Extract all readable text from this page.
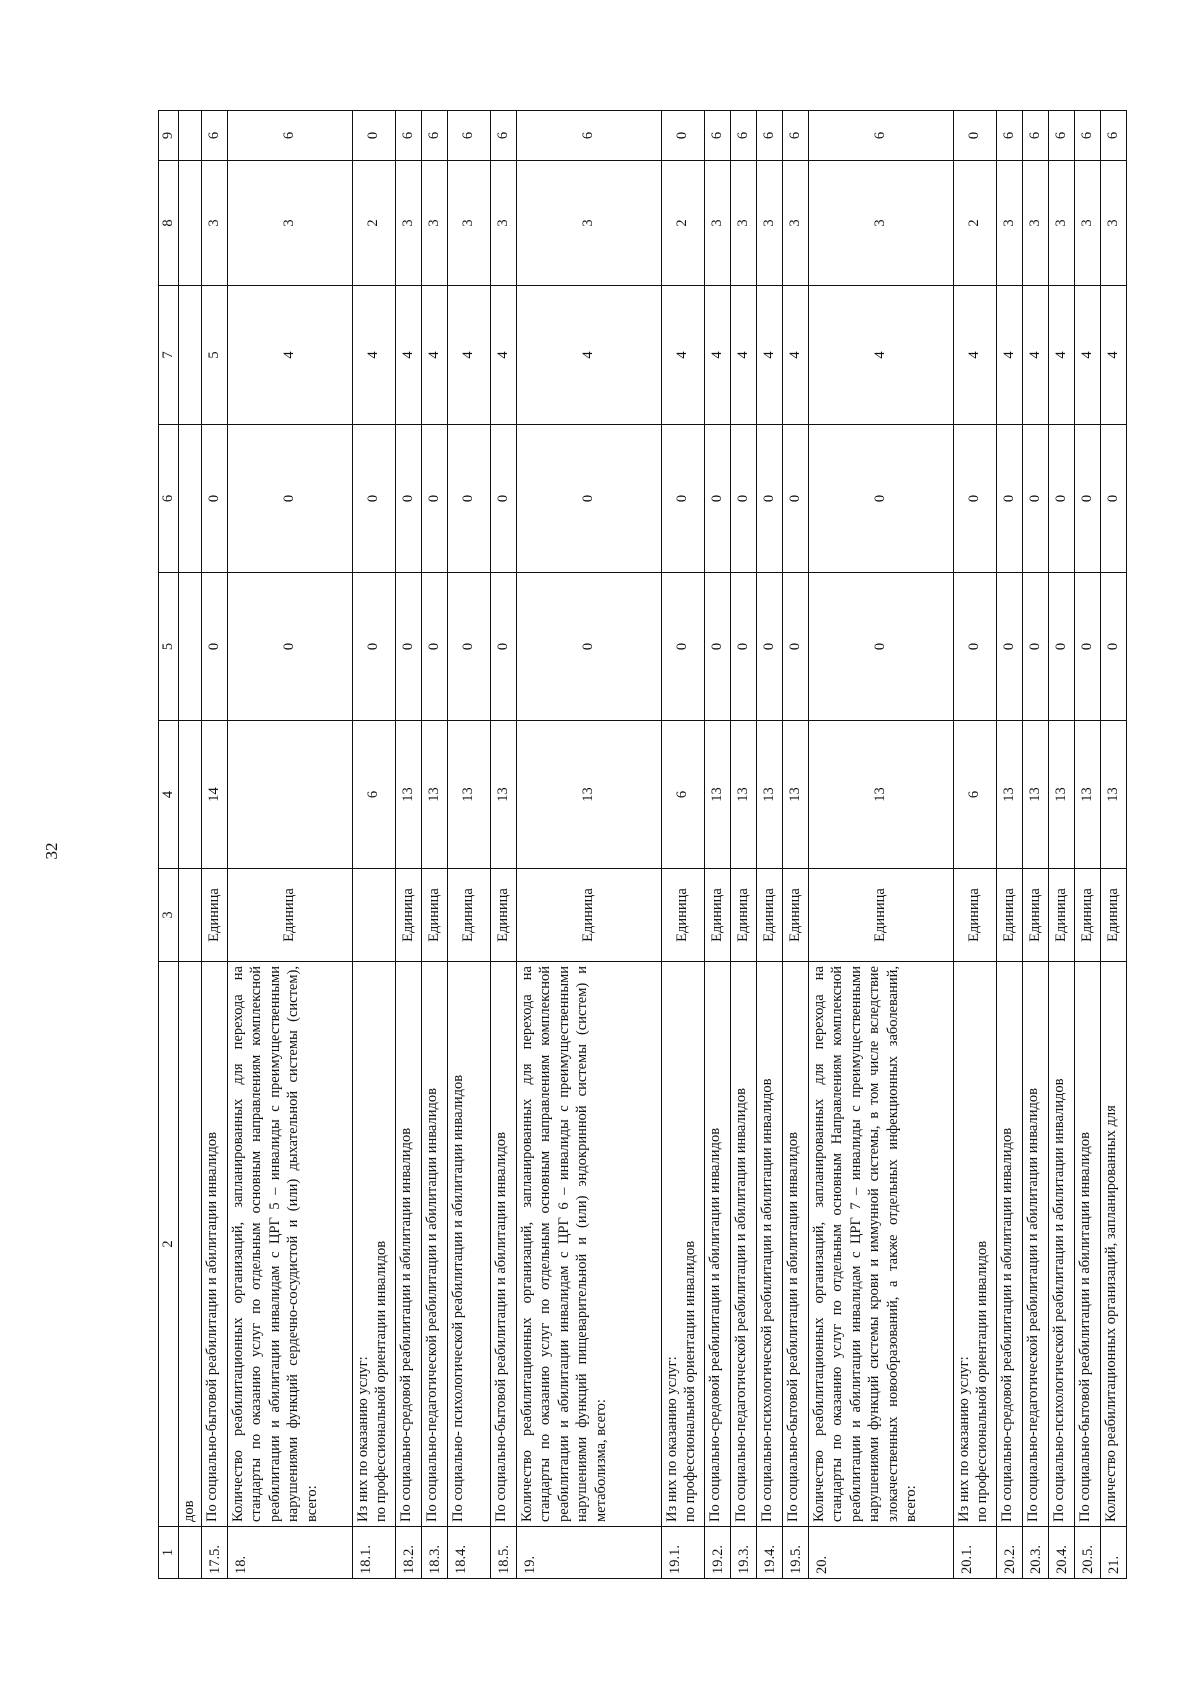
32
1	2	3	4	5	6	7	8	9
	дов							
17.5.	По социально-бытовой реабилитации и абилитации инвалидов	Единица	14	0	0	5	3	6
18.	Количество реабилитационных организаций, запланированных для перехода на стандарты по оказанию услуг по отдельным основным направлениям комплексной реабилитации и абилитации инвалидам с ЦРГ 5 – инвалиды с преимущественными нарушениями функций сердечно-сосудистой и (или) дыхательной системы (систем), всего:	Единица		0	0	4	3	6
18.1.	Из них по оказанию услуг: по профессиональной ориентации инвалидов		6	0	0	4	2	0
18.2.	По социально-средовой реабилитации и абилитации инвалидов	Единица	13	0	0	4	3	6
18.3.	По социально-педагогической реабилитации и абилитации инвалидов	Единица	13	0	0	4	3	6
18.4.	По социально- психологической реабилитации и абилитации инвалидов	Единица	13	0	0	4	3	6
18.5.	По социально-бытовой реабилитации и абилитации инвалидов	Единица	13	0	0	4	3	6
19.	Количество реабилитационных организаций, запланированных для перехода на стандарты по оказанию услуг по отдельным основным направлениям комплексной реабилитации и абилитации инвалидам с ЦРГ 6 – инвалиды с преимущественными нарушениями функций пищеварительной и (или) эндокринной системы (систем) и метаболизма, всего:	Единица	13	0	0	4	3	6
19.1.	Из них по оказанию услуг: по профессиональной ориентации инвалидов	Единица	6	0	0	4	2	0
19.2.	По социально-средовой реабилитации и абилитации инвалидов	Единица	13	0	0	4	3	6
19.3.	По социально-педагогической реабилитации и абилитации инвалидов	Единица	13	0	0	4	3	6
19.4.	По социально-психологической реабилитации и абилитации инвалидов	Единица	13	0	0	4	3	6
19.5.	По социально-бытовой реабилитации и абилитации инвалидов	Единица	13	0	0	4	3	6
20.	Количество реабилитационных организаций, запланированных для перехода на стандарты по оказанию услуг по отдельным основным Направлениям комплексной реабилитации и абилитации инвалидам с ЦРГ 7 – инвалиды с преимущественными нарушениями функций системы крови и иммунной системы, в том числе вследствие злокачественных новообразований, а также отдельных инфекционных заболеваний, всего:	Единица	13	0	0	4	3	6
20.1.	Из них по оказанию услуг: по профессиональной ориентации инвалидов	Единица	6	0	0	4	2	0
20.2.	По социально-средовой реабилитации и абилитации инвалидов	Единица	13	0	0	4	3	6
20.3.	По социально-педагогической реабилитации и абилитации инвалидов	Единица	13	0	0	4	3	6
20.4.	По социально-психологической реабилитации и абилитации инвалидов	Единица	13	0	0	4	3	6
20.5.	По социально-бытовой реабилитации и абилитации инвалидов	Единица	13	0	0	4	3	6
21.	Количество реабилитационных организаций, запланированных для	Единица	13	0	0	4	3	6
